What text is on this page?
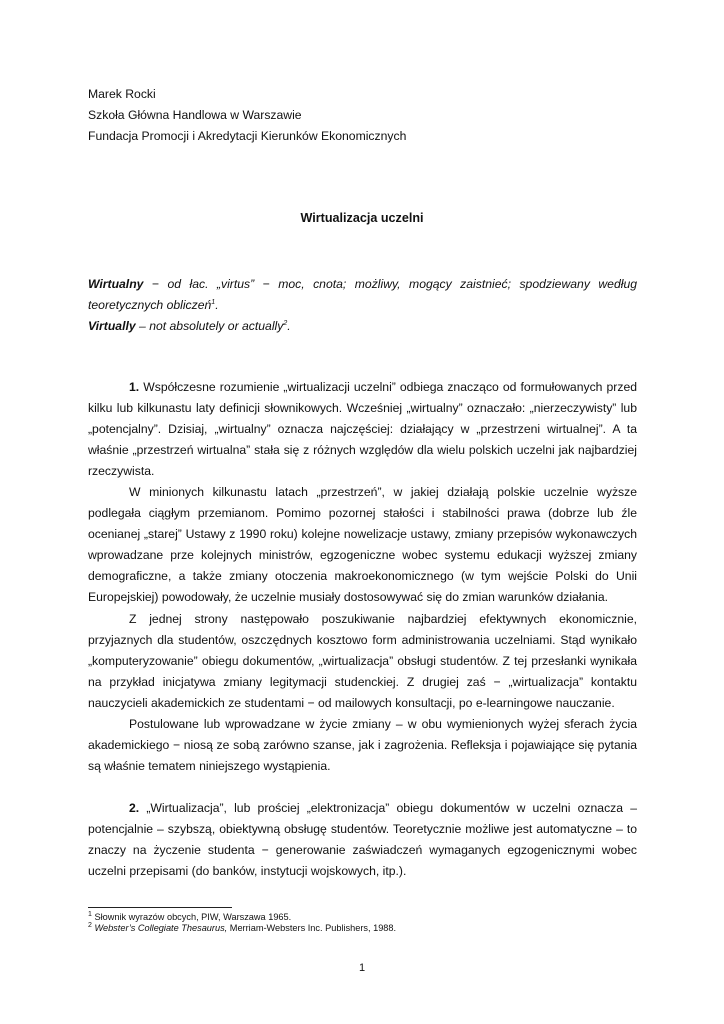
Marek Rocki
Szkoła Główna Handlowa w Warszawie
Fundacja Promocji i Akredytacji Kierunków Ekonomicznych
Wirtualizacja uczelni

Wirtualny − od łac. „virtus” − moc, cnota; możliwy, mogący zaistnieć; spodziewany według teoretycznych obliczeń$^1$.

Virtually – not absolutely or actually$^2$.

1. Współczesne rozumienie „wirtualizacji uczelni” odbiega znacząco od formułowanych przed kilku lub kilkunastu laty definicji słownikowych. Wcześniej „wirtualny” oznaczało: „nierzeczywisty” lub „potencjalny”. Dzisiaj, „wirtualny” oznacza najczęściej: działający w „przestrzeni wirtualnej”. A ta właśnie „przestrzeń wirtualna” stała się z różnych względów dla wielu polskich uczelni jak najbardziej rzeczywista.

W minionych kilkunastu latach „przestrzeń”, w jakiej działają polskie uczelnie wyższe podlegała ciągłym przemianom. Pomimo pozornej stałości i stabilności prawa (dobrze lub źle ocenianej „starej” Ustawy z 1990 roku) kolejne nowelizacje ustawy, zmiany przepisów wykonawczych wprowadzane prze kolejnych ministrów, egzogeniczne wobec systemu edukacji wyższej zmiany demograficzne, a także zmiany otoczenia makroekonomicznego (w tym wejście Polski do Unii Europejskiej) powodowały, że uczelnie musiały dostosowywać się do zmian warunków działania.

Z jednej strony następowało poszukiwanie najbardziej efektywnych ekonomicznie, przyjaznych dla studentów, oszczędnych kosztowo form administrowania uczelniami. Stąd wynikało „komputeryzowanie” obiegu dokumentów, „wirtualizacja” obsługi studentów. Z tej przesłanki wynikała na przykład inicjatywa zmiany legitymacji studenckiej. Z drugiej zaś − „wirtualizacja” kontaktu nauczycieli akademickich ze studentami − od mailowych konsultacji, po e-learningowe nauczanie.

Postulowane lub wprowadzane w życie zmiany – w obu wymienionych wyżej sferach życia akademickiego − niosą ze sobą zarówno szanse, jak i zagrożenia. Refleksja i pojawiające się pytania są właśnie tematem niniejszego wystąpienia.

2. „Wirtualizacja”, lub prościej „elektronizacja” obiegu dokumentów w uczelni oznacza – potencjalnie – szybszą, obiektywną obsługę studentów. Teoretycznie możliwe jest automatyczne – to znaczy na życzenie studenta − generowanie zaświadczeń wymaganych egzogenicznymi wobec uczelni przepisami (do banków, instytucji wojskowych, itp.).

$^1$ Słownik wyrazów obcych, PIW, Warszawa 1965.
$^2$ Webster’s Collegiate Thesaurus, Merriam-Websters Inc. Publishers, 1988.
1
